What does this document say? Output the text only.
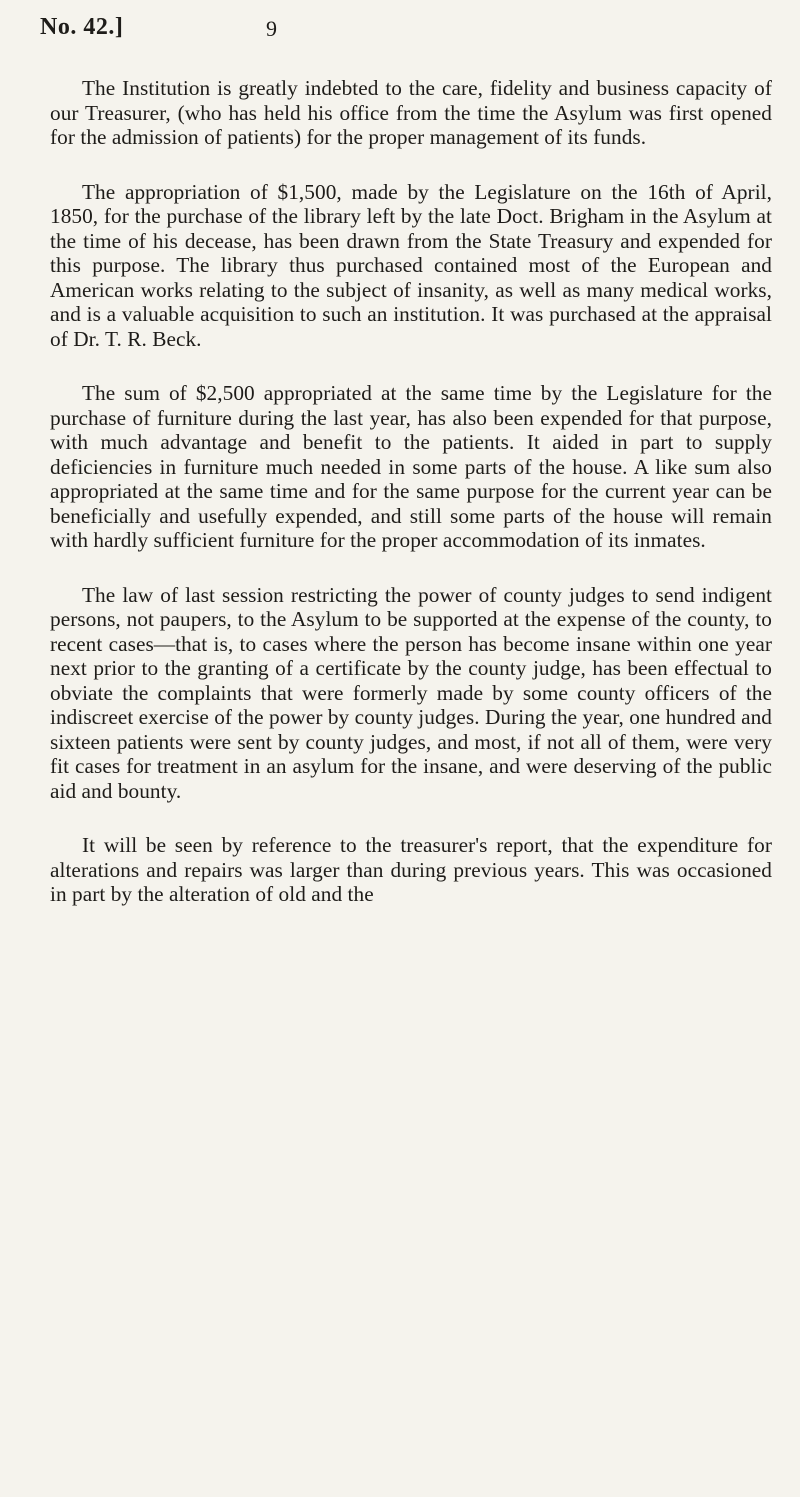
No. 42.]	9

The Institution is greatly indebted to the care, fidelity and business capacity of our Treasurer, (who has held his office from the time the Asylum was first opened for the admission of patients) for the proper management of its funds.

The appropriation of $1,500, made by the Legislature on the 16th of April, 1850, for the purchase of the library left by the late Doct. Brigham in the Asylum at the time of his decease, has been drawn from the State Treasury and expended for this purpose. The library thus purchased contained most of the European and American works relating to the subject of insanity, as well as many medical works, and is a valuable acquisition to such an institution. It was purchased at the appraisal of Dr. T. R. Beck.

The sum of $2,500 appropriated at the same time by the Legislature for the purchase of furniture during the last year, has also been expended for that purpose, with much advantage and benefit to the patients. It aided in part to supply deficiencies in furniture much needed in some parts of the house. A like sum also appropriated at the same time and for the same purpose for the current year can be beneficially and usefully expended, and still some parts of the house will remain with hardly sufficient furniture for the proper accommodation of its inmates.

The law of last session restricting the power of county judges to send indigent persons, not paupers, to the Asylum to be supported at the expense of the county, to recent cases—that is, to cases where the person has become insane within one year next prior to the granting of a certificate by the county judge, has been effectual to obviate the complaints that were formerly made by some county officers of the indiscreet exercise of the power by county judges. During the year, one hundred and sixteen patients were sent by county judges, and most, if not all of them, were very fit cases for treatment in an asylum for the insane, and were deserving of the public aid and bounty.

It will be seen by reference to the treasurer's report, that the expenditure for alterations and repairs was larger than during previous years. This was occasioned in part by the alteration of old and the
